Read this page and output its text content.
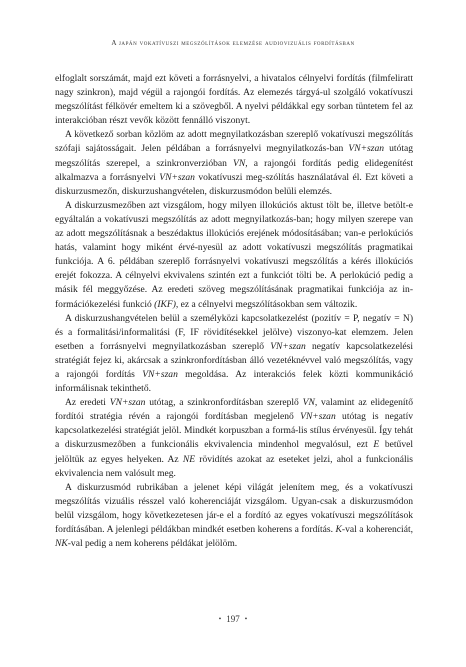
A japán vokatívuszi megszólítások elemzése audiovizuális fordításban

elfoglalt sorszámát, majd ezt követi a forrásnyelvi, a hivatalos célnyelvi fordítás (filmfeliratt nagy szinkron), majd végül a rajongói fordítás. Az elemezés tárgyá-ul szolgáló vokatívuszi megszólítást félkövér emeltem ki a szövegből. A nyelvi példákkal egy sorban tüntetem fel az interakcióban részt vevők között fennálló viszonyt.

A következő sorban közlöm az adott megnyilatkozásban szereplő vokatívuszi megszólítás szófaji sajátosságait. Jelen példában a forrásnyelvi megnyilatkozás-ban VN+szan utótag megszólítás szerepel, a szinkronverzióban VN, a rajongói fordítás pedig elidegenítést alkalmazva a forrásnyelvi VN+szan vokatívuszi meg-szólítás használatával él. Ezt követi a diskurzusmezőn, diskurzushangvételen, diskurzusmódon belüli elemzés.

A diskurzusmezőben azt vizsgálom, hogy milyen illokúciós aktust tölt be, illetve betölt-e egyáltalán a vokatívuszi megszólítás az adott megnyilatkozás-ban; hogy milyen szerepe van az adott megszólításnak a beszédaktus illokúciós erejének módosításában; van-e perlokúciós hatás, valamint hogy miként érvé-nyesül az adott vokatívuszi megszólítás pragmatikai funkciója. A 6. példában szereplő forrásnyelvi vokatívuszi megszólítás a kérés illokúciós erejét fokozza. A célnyelvi ekvivalens szintén ezt a funkciót tölti be. A perlokúció pedig a másik fél meggyőzése. Az eredeti szöveg megszólításának pragmatikai funkciója az in-formációkezelési funkció (IKF), ez a célnyelvi megszólításokban sem változik.

A diskurzushangvételen belül a személyközi kapcsolatkezelést (pozitív = P, negatív = N) és a formalitási/informalitási (F, IF rövidítésekkel jelölve) viszonyo-kat elemzem. Jelen esetben a forrásnyelvi megnyilatkozásban szereplő VN+szan negatív kapcsolatkezelési stratégiát fejez ki, akárcsak a szinkronfordításban álló vezetéknévvel való megszólítás, vagy a rajongói fordítás VN+szan megoldása. Az interakciós felek közti kommunikáció informálisnak tekinthető.

Az eredeti VN+szan utótag, a szinkronfordításban szereplő VN, valamint az elidegenítő fordítói stratégia révén a rajongói fordításban megjelenő VN+szan utótag is negatív kapcsolatkezelési stratégiát jelöl. Mindkét korpuszban a formá-lis stílus érvényesül. Így tehát a diskurzusmezőben a funkcionális ekvivalencia mindenhol megvalósul, ezt E betűvel jelöltük az egyes helyeken. Az NE rövidítés azokat az eseteket jelzi, ahol a funkcionális ekvivalencia nem valósult meg.

A diskurzusmód rubrikában a jelenet képi világát jelenítem meg, és a vokatívuszi megszólítás vizuális résszel való koherenciáját vizsgálom. Ugyan-csak a diskurzusmódon belül vizsgálom, hogy következetesen jár-e el a fordító az egyes vokatívuszi megszólítások fordításában. A jelenlegi példákban mindkét esetben koherens a fordítás. K-val a koherenciát, NK-val pedig a nem koherens példákat jelölöm.

• 197 •
